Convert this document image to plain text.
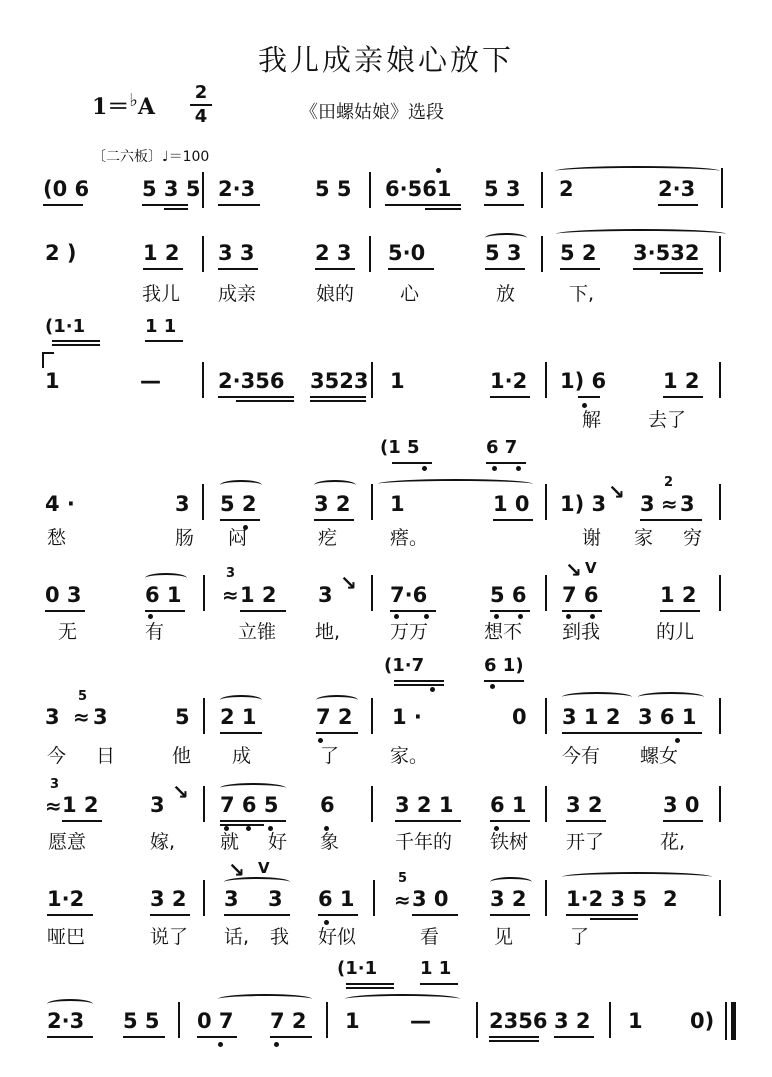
我儿成亲娘心放下
1＝♭A
2
4	《田螺姑娘》选段
〔二六板〕♩＝100
(0 6	5 3 5 2·3	5 5 6·561 5 3 2	2·3
2 )	1 2 3 3	2 3 5·0	5 3 5 2 3·532
我儿 成亲	娘的 心	放	下,
(1·1	1 1
1	—	2·356 3523 1	1·2 1) 6	1 2
解 去了
(1 5	6 7
4 ·	3 5 2	3 2 1	1 0 1) 3 3
2
≈ 3
↘
愁	肠 闷	疙	瘩。	谢 家 穷
0 3	6 1
3
≈ 1 2 3 ↘ 7·6	5 6
↘ V
7 6	1 2
无	有	立锥 地,	万万	想不 到我	的儿
(1·7	6 1)
3
5
≈ 3	5 2 1	7 2 1 ·	0 3 1 2 3 6 1
今 日	他 成	了	家。	今有 螺女
3
≈ 1 2 3
↘
7 6 5 6	3 2 1 6 1 3 2	3 0
愿意	嫁, 就 好 象	千年的 铁树 开了	花,
1·2	3 2
↘ V
3 3 6 1
5
≈ 3 0 3 2 1·2 3 5 2
哑巴	说了 话, 我 好似	看	见	了
(1·1 1 1
2·3 5 5 0 7 7 2 1 —	2356 3 2 1 0)
